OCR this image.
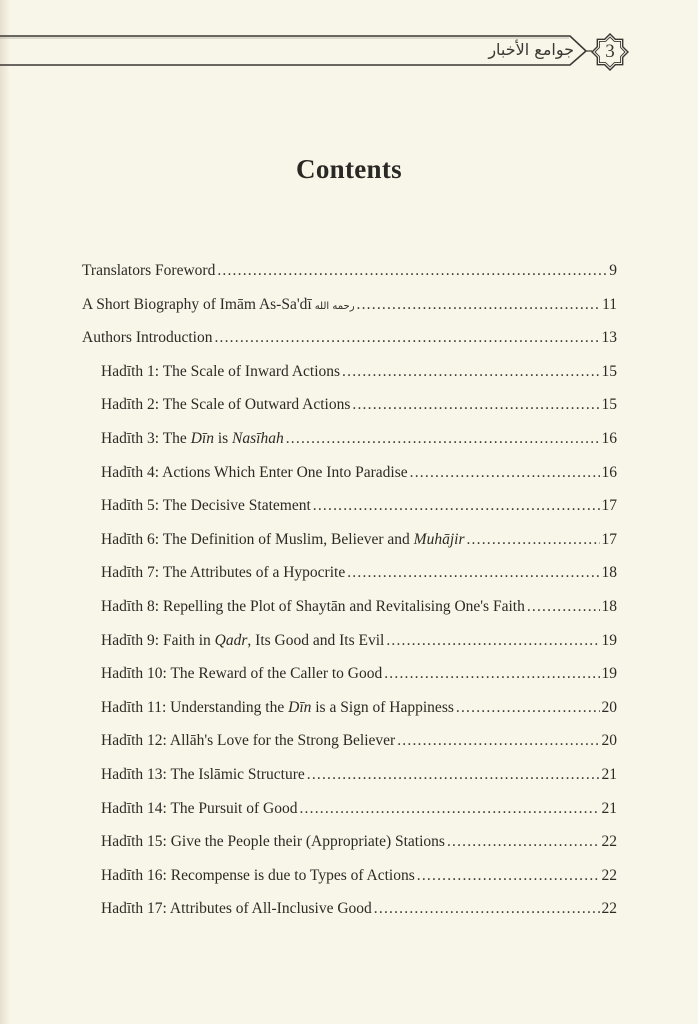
جوامع الأخبار 3
Contents
Translators Foreword .....	9
A Short Biography of Imām As-Sa'dī رحمه الله .....	11
Authors Introduction .....	13
Hadīth 1: The Scale of Inward Actions .....	15
Hadīth 2: The Scale of Outward Actions .....	15
Hadīth 3: The Dīn is Nasīhah .....	16
Hadīth 4: Actions Which Enter One Into Paradise .....	16
Hadīth 5: The Decisive Statement .....	17
Hadīth 6: The Definition of Muslim, Believer and Muhājir .....	17
Hadīth 7: The Attributes of a Hypocrite .....	18
Hadīth 8: Repelling the Plot of Shaytān and Revitalising One's Faith .....	18
Hadīth 9: Faith in Qadr, Its Good and Its Evil .....	19
Hadīth 10: The Reward of the Caller to Good .....	19
Hadīth 11: Understanding the Dīn is a Sign of Happiness .....	20
Hadīth 12: Allāh's Love for the Strong Believer .....	20
Hadīth 13: The Islāmic Structure .....	21
Hadīth 14: The Pursuit of Good .....	21
Hadīth 15: Give the People their (Appropriate) Stations .....	22
Hadīth 16: Recompense is due to Types of Actions .....	22
Hadīth 17: Attributes of All-Inclusive Good .....	22
